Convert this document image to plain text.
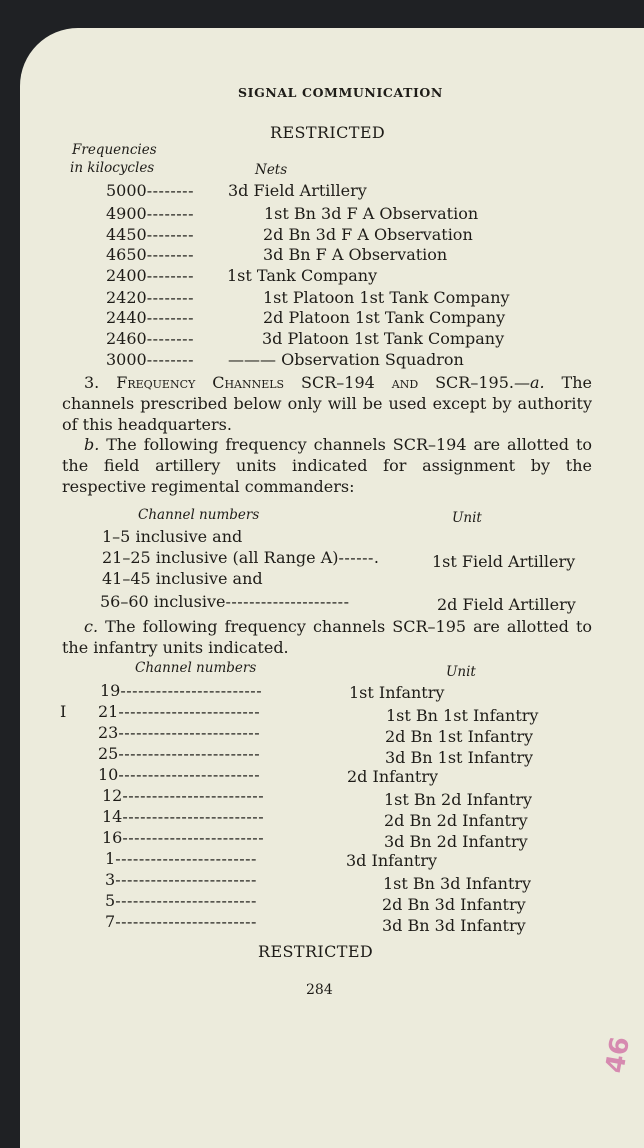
SIGNAL COMMUNICATION
RESTRICTED
Frequencies
in kilocycles	Nets
5000-------- 3d Field Artillery
4900--------	1st Bn 3d F A Observation
4450--------	2d Bn 3d F A Observation
4650--------	3d Bn F A Observation
2400-------- 1st Tank Company
2420--------	1st Platoon 1st Tank Company
2440--------	2d Platoon 1st Tank Company
2460--------	3d Platoon 1st Tank Company
3000-------- ——— Observation Squadron
3. Frequency Channels SCR–194 and SCR–195.—a. The channels prescribed below only will be used except by authority of this headquarters.
b. The following frequency channels SCR–194 are allotted to the field artillery units indicated for assignment by the respective regimental commanders:
Channel numbers	Unit
1–5 inclusive and
21–25 inclusive (all Range A)------.	1st Field Artillery
41–45 inclusive and
56–60 inclusive---------------------	2d Field Artillery
c. The following frequency channels SCR–195 are allotted to the infantry units indicated.
Channel numbers	Unit
I
19------------------------	1st Infantry
21------------------------	1st Bn 1st Infantry
23------------------------	2d Bn 1st Infantry
25------------------------	3d Bn 1st Infantry
10------------------------	2d Infantry
12------------------------	1st Bn 2d Infantry
14------------------------	2d Bn 2d Infantry
16------------------------	3d Bn 2d Infantry
1------------------------	3d Infantry
3------------------------	1st Bn 3d Infantry
5------------------------	2d Bn 3d Infantry
7------------------------	3d Bn 3d Infantry
RESTRICTED
284
46
